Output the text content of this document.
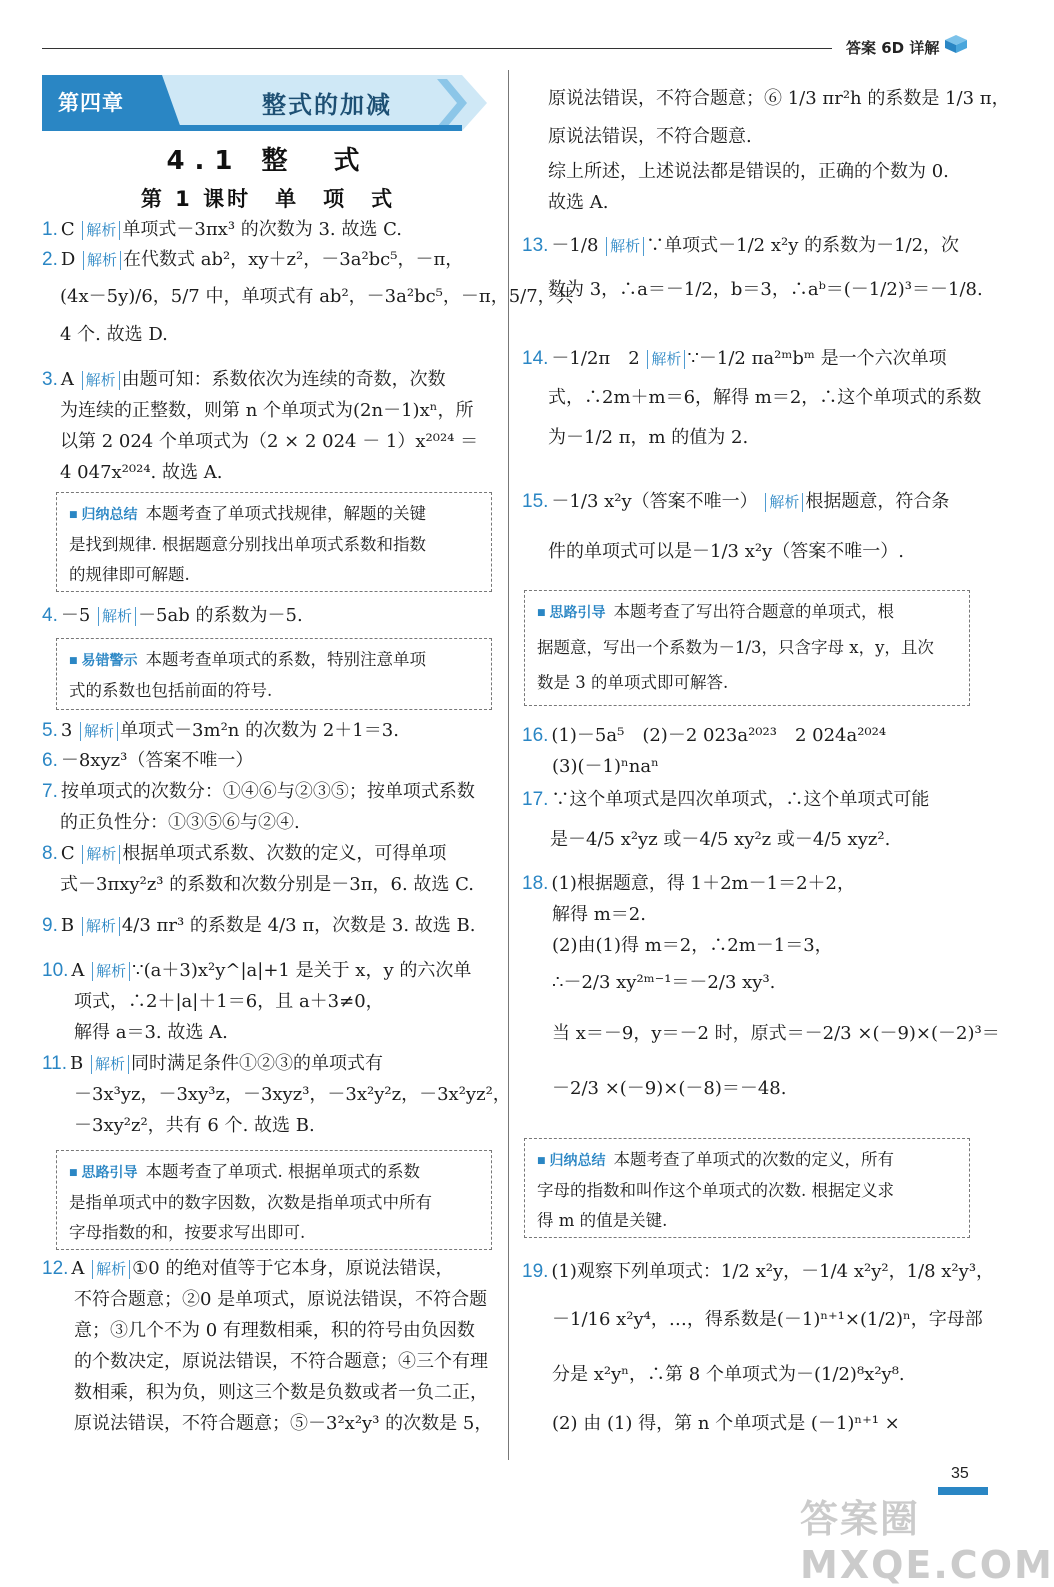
答案 6D 详解
第四章	整式的加减
4.1 整　式
第 1 课时　单　项　式
1. C 解析 单项式－3πx³ 的次数为 3. 故选 C.
2. D 解析 在代数式 ab²，xy＋z²，－3a²bc⁵，－π，
(4x－5y)/6，5/7 中，单项式有 ab²，－3a²bc⁵，－π，5/7，共
4 个. 故选 D.
3. A 解析 由题可知：系数依次为连续的奇数，次数
为连续的正整数，则第 n 个单项式为(2n－1)xⁿ，所
以第 2 024 个单项式为（2 × 2 024 － 1）x²⁰²⁴ ＝
4 047x²⁰²⁴. 故选 A.
■ 归纳总结 本题考查了单项式找规律，解题的关键
是找到规律. 根据题意分别找出单项式系数和指数
的规律即可解题.
4. －5 解析 －5ab 的系数为－5.
■ 易错警示 本题考查单项式的系数，特别注意单项
式的系数也包括前面的符号.
5. 3 解析 单项式－3m²n 的次数为 2＋1＝3.
6. －8xyz³（答案不唯一）
7. 按单项式的次数分：①④⑥与②③⑤；按单项式系数
的正负性分：①③⑤⑥与②④.
8. C 解析 根据单项式系数、次数的定义，可得单项
式－3πxy²z³ 的系数和次数分别是－3π，6. 故选 C.
9. B 解析 4/3 πr³ 的系数是 4/3 π，次数是 3. 故选 B.
10. A 解析 ∵(a＋3)x²y^|a|+1 是关于 x，y 的六次单
项式，∴2＋|a|＋1＝6，且 a＋3≠0，
解得 a＝3. 故选 A.
11. B 解析 同时满足条件①②③的单项式有
－3x³yz，－3xy³z，－3xyz³，－3x²y²z，－3x²yz²，
－3xy²z²，共有 6 个. 故选 B.
■ 思路引导 本题考查了单项式. 根据单项式的系数
是指单项式中的数字因数，次数是指单项式中所有
字母指数的和，按要求写出即可.
12. A 解析 ①0 的绝对值等于它本身，原说法错误，
不符合题意；②0 是单项式，原说法错误，不符合题
意；③几个不为 0 有理数相乘，积的符号由负因数
的个数决定，原说法错误，不符合题意；④三个有理
数相乘，积为负，则这三个数是负数或者一负二正，
原说法错误，不符合题意；⑤－3²x²y³ 的次数是 5，
原说法错误，不符合题意；⑥ 1/3 πr²h 的系数是 1/3 π，
原说法错误，不符合题意.
综上所述，上述说法都是错误的，正确的个数为 0.
故选 A.
13. －1/8 解析 ∵单项式－1/2 x²y 的系数为－1/2，次
数为 3，∴a＝－1/2，b＝3，∴aᵇ＝(－1/2)³＝－1/8.
14. －1/2π　2 解析 ∵－1/2 πa²ᵐbᵐ 是一个六次单项
式，∴2m＋m＝6，解得 m＝2，∴这个单项式的系数
为－1/2 π，m 的值为 2.
15. －1/3 x²y（答案不唯一） 解析 根据题意，符合条
件的单项式可以是－1/3 x²y（答案不唯一）.
■ 思路引导 本题考查了写出符合题意的单项式，根
据题意，写出一个系数为－1/3，只含字母 x，y，且次
数是 3 的单项式即可解答.
16. (1)－5a⁵　(2)－2 023a²⁰²³　2 024a²⁰²⁴
(3)(－1)ⁿnaⁿ
17. ∵这个单项式是四次单项式，∴这个单项式可能
是－4/5 x²yz 或－4/5 xy²z 或－4/5 xyz².
18. (1)根据题意，得 1＋2m－1＝2＋2，
解得 m＝2.
(2)由(1)得 m＝2，∴2m－1＝3，
∴－2/3 xy²ᵐ⁻¹＝－2/3 xy³.
当 x＝－9，y＝－2 时，原式＝－2/3 ×(－9)×(－2)³＝
－2/3 ×(－9)×(－8)＝－48.
■ 归纳总结 本题考查了单项式的次数的定义，所有
字母的指数和叫作这个单项式的次数. 根据定义求
得 m 的值是关键.
19. (1)观察下列单项式：1/2 x²y，－1/4 x²y²，1/8 x²y³，
－1/16 x²y⁴，…，得系数是(－1)ⁿ⁺¹×(1/2)ⁿ，字母部
分是 x²yⁿ，∴第 8 个单项式为－(1/2)⁸x²y⁸.
(2) 由 (1) 得，第 n 个单项式是 (－1)ⁿ⁺¹ ×
答案圈 MXQE.COM
35
